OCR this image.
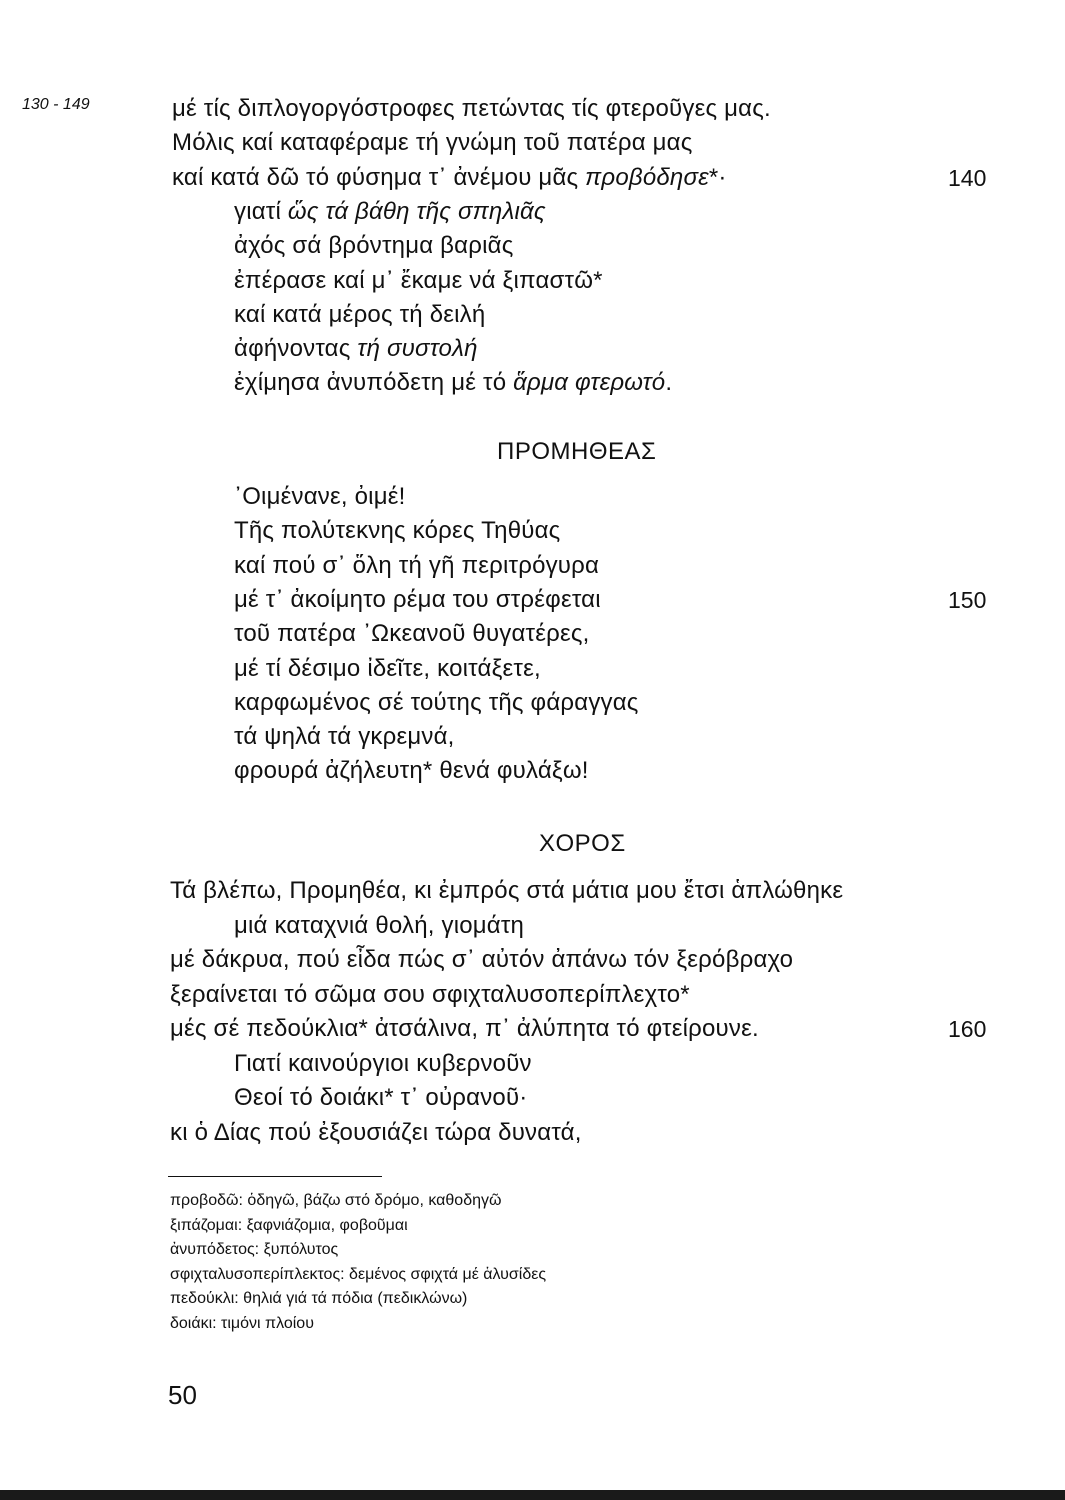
130 - 149	μέ τίς διπλογοργόστροφες πετώντας τίς φτεροῦγες μας.
Μόλις καί καταφέραμε τή γνώμη τοῦ πατέρα μας
καί κατά δῶ τό φύσημα τ᾿ ἀνέμου μᾶς προβόδησε*·	140
γιατί ὥς τά βάθη τῆς σπηλιᾶς
ἀχός σά βρόντημα βαριᾶς
ἐπέρασε καί μ᾿ ἔκαμε νά ξιπαστῶ*
καί κατά μέρος τή δειλή
ἀφήνοντας τή συστολή
ἐχίμησα ἀνυπόδετη μέ τό ἅρμα φτερωτό.
ΠΡΟΜΗΘΕΑΣ
᾿Οιμένανε, ὀιμέ!
Τῆς πολύτεκνης κόρες Τηθύας
καί πού σ᾿ ὅλη τή γῆ περιτρόγυρα
μέ τ᾿ ἀκοίμητο ρέμα του στρέφεται	150
τοῦ πατέρα ᾿Ωκεανοῦ θυγατέρες,
μέ τί δέσιμο ἰδεῖτε, κοιτάξετε,
καρφωμένος σέ τούτης τῆς φάραγγας
τά ψηλά τά γκρεμνά,
φρουρά ἀζήλευτη* θενά φυλάξω!
ΧΟΡΟΣ
Τά βλέπω, Προμηθέα, κι ἐμπρός στά μάτια μου ἔτσι ἁπλώθηκε
μιά καταχνιά θολή, γιομάτη
μέ δάκρυα, πού εἶδα πώς σ᾿ αὐτόν ἀπάνω τόν ξερόβραχο
ξεραίνεται τό σῶμα σου σφιχταλυσοπερίπλεχτο*
μές σέ πεδούκλια* ἀτσάλινα, π᾿ ἀλύπητα τό φτείρουνε.	160
Γιατί καινούργιοι κυβερνοῦν
Θεοί τό δοιάκι* τ᾿ οὐρανοῦ·
κι ὁ Δίας πού ἐξουσιάζει τώρα δυνατά,
προβοδῶ: ὁδηγῶ, βάζω στό δρόμο, καθοδηγῶ
ξιπάζομαι: ξαφνιάζομια, φοβοῦμαι
ἀνυπόδετος: ξυπόλυτος
σφιχταλυσοπερίπλεκτος: δεμένος σφιχτά μέ ἁλυσίδες
πεδούκλι: θηλιά γιά τά πόδια (πεδικλώνω)
δοιάκι: τιμόνι πλοίου
50
